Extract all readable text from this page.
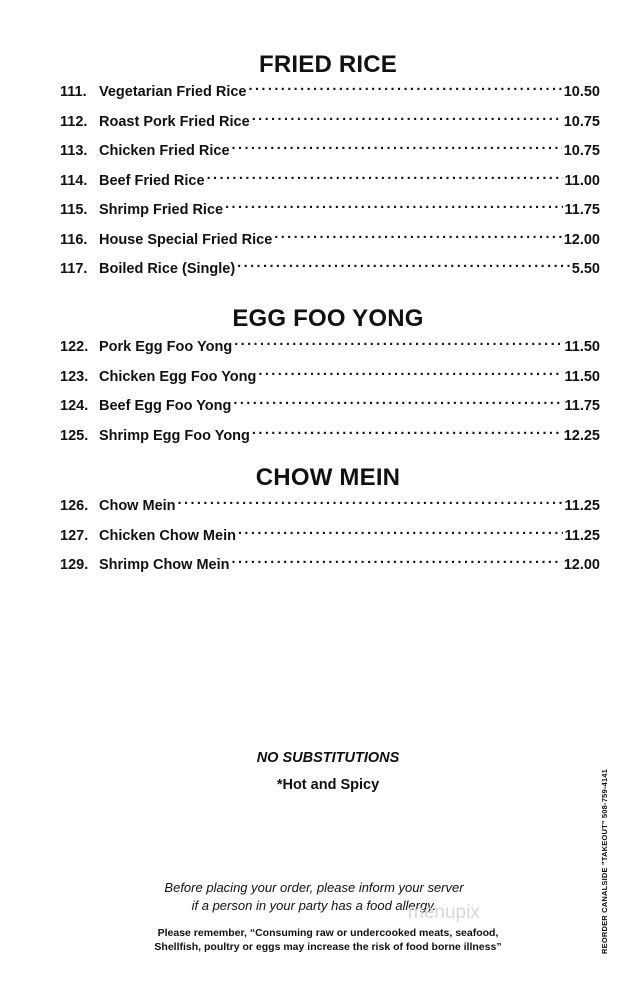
FRIED RICE
111. Vegetarian Fried Rice . . .	10.50
112. Roast Pork Fried Rice . . .	10.75
113. Chicken Fried Rice . . .	10.75
114. Beef Fried Rice . . .	11.00
115. Shrimp Fried Rice . . .	11.75
116. House Special Fried Rice . . .	12.00
117. Boiled Rice (Single) . . .	5.50
EGG FOO YONG
122. Pork Egg Foo Yong . . .	11.50
123. Chicken Egg Foo Yong . . .	11.50
124. Beef Egg Foo Yong . . .	11.75
125. Shrimp Egg Foo Yong . . .	12.25
CHOW MEIN
126. Chow Mein . . .	11.25
127. Chicken Chow Mein . . .	11.25
129. Shrimp Chow Mein . . .	12.00
NO SUBSTITUTIONS
*Hot and Spicy
Before placing your order, please inform your server
if a person in your party has a food allergy.
Please remember, “Consuming raw or undercooked meats, seafood,
Shellfish, poultry or eggs may increase the risk of food borne illness”	REORDER CANALSIDE "TAKEOUT" 508-759-4141
menupix
